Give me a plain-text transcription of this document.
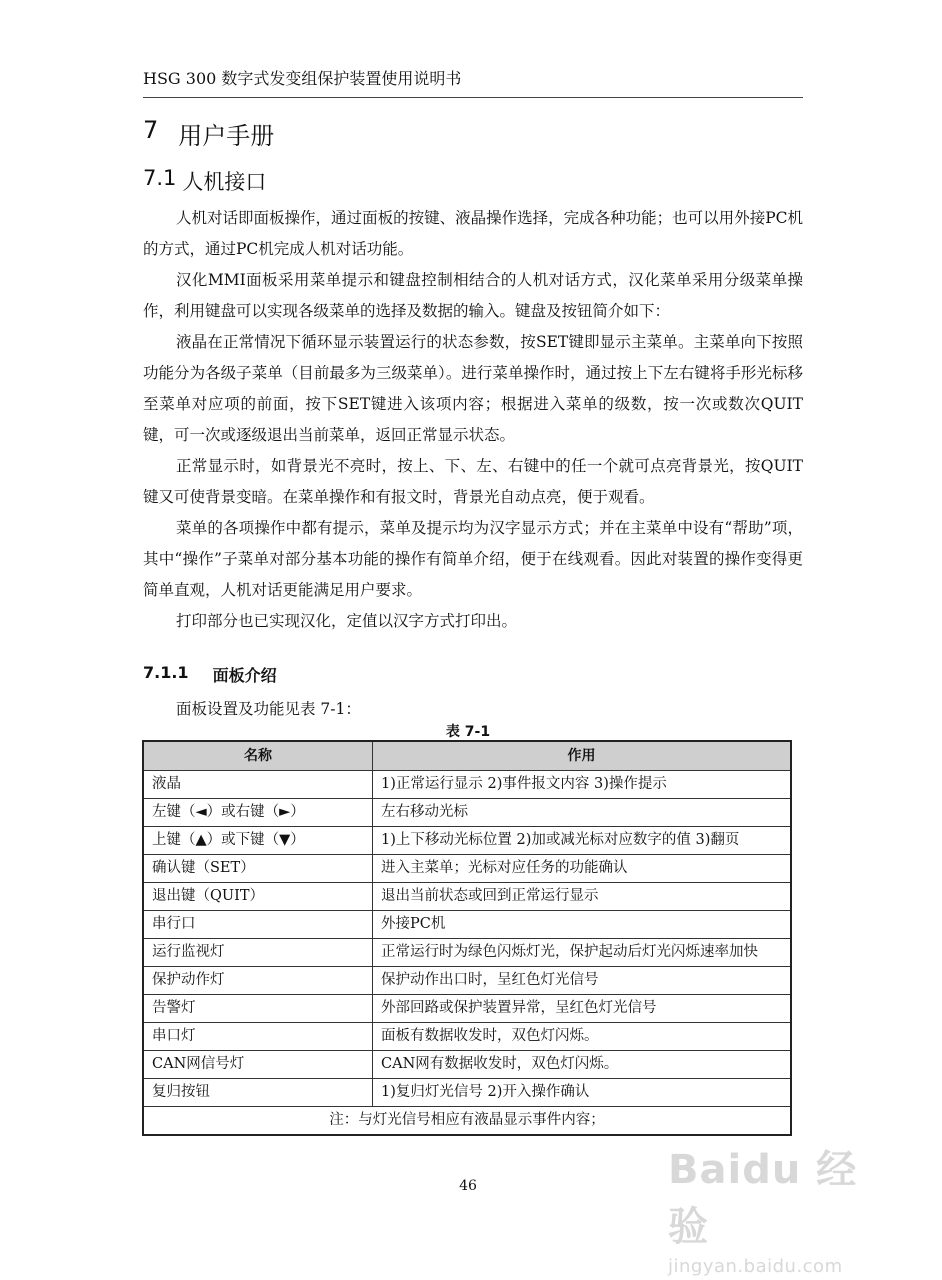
HSG 300 数字式发变组保护装置使用说明书
7 用户手册
7.1 人机接口

人机对话即面板操作，通过面板的按键、液晶操作选择，完成各种功能；也可以用外接PC机的方式，通过PC机完成人机对话功能。

汉化MMI面板采用菜单提示和键盘控制相结合的人机对话方式，汉化菜单采用分级菜单操作，利用键盘可以实现各级菜单的选择及数据的输入。键盘及按钮简介如下：

液晶在正常情况下循环显示装置运行的状态参数，按SET键即显示主菜单。主菜单向下按照功能分为各级子菜单（目前最多为三级菜单）。进行菜单操作时，通过按上下左右键将手形光标移至菜单对应项的前面，按下SET键进入该项内容；根据进入菜单的级数，按一次或数次QUIT键，可一次或逐级退出当前菜单，返回正常显示状态。

正常显示时，如背景光不亮时，按上、下、左、右键中的任一个就可点亮背景光，按QUIT键又可使背景变暗。在菜单操作和有报文时，背景光自动点亮，便于观看。

菜单的各项操作中都有提示，菜单及提示均为汉字显示方式；并在主菜单中设有“帮助”项，其中“操作”子菜单对部分基本功能的操作有简单介绍，便于在线观看。因此对装置的操作变得更简单直观，人机对话更能满足用户要求。

打印部分也已实现汉化，定值以汉字方式打印出。

7.1.1 面板介绍
面板设置及功能见表 7-1：
表 7-1
名称	作用
液晶	1)正常运行显示 2)事件报文内容 3)操作提示
左键（◄）或右键（►）	左右移动光标
上键（▲）或下键（▼）	1)上下移动光标位置 2)加或减光标对应数字的值 3)翻页
确认键（SET）	进入主菜单；光标对应任务的功能确认
退出键（QUIT）	退出当前状态或回到正常运行显示
串行口	外接PC机
运行监视灯	正常运行时为绿色闪烁灯光，保护起动后灯光闪烁速率加快
保护动作灯	保护动作出口时，呈红色灯光信号
告警灯	外部回路或保护装置异常，呈红色灯光信号
串口灯	面板有数据收发时，双色灯闪烁。
CAN网信号灯	CAN网有数据收发时，双色灯闪烁。
复归按钮	1)复归灯光信号 2)开入操作确认
注：与灯光信号相应有液晶显示事件内容；	
46	Baidu 经验
jingyan.baidu.com
